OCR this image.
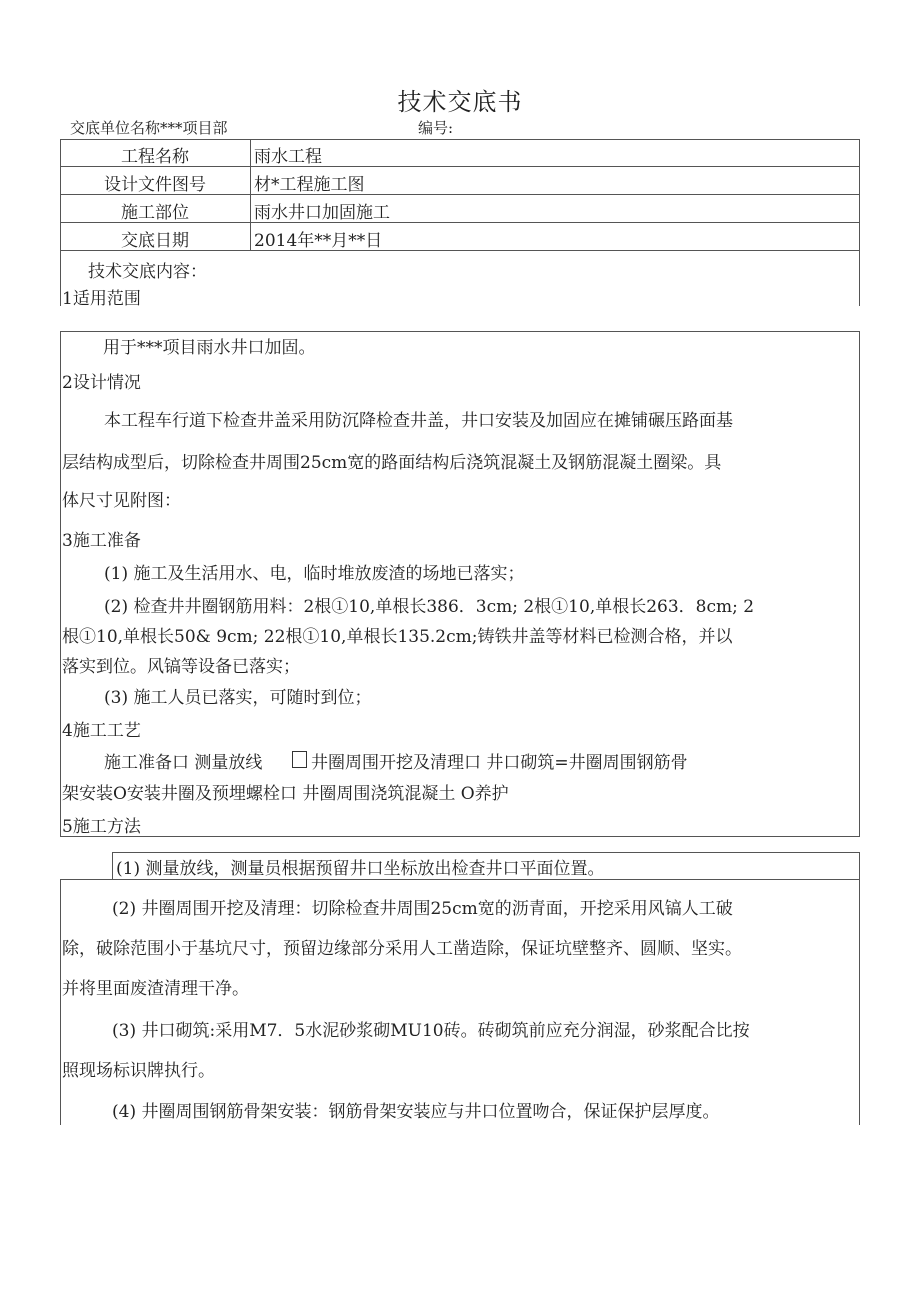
技术交底书
交底单位名称***项目部	编号:
工程名称	雨水工程
设计文件图号	材*工程施工图
施工部位	雨水井口加固施工
交底日期	2014年**月**日
技术交底内容：
1适用范围
用于***项目雨水井口加固。
2设计情况
本工程车行道下检查井盖采用防沉降检查井盖，井口安装及加固应在摊铺碾压路面基
层结构成型后，切除检查井周围25cm宽的路面结构后浇筑混凝土及钢筋混凝土圈梁。具
体尺寸见附图：
3施工准备
(1) 施工及生活用水、电，临时堆放废渣的场地已落实；
(2) 检查井井圈钢筋用料：2根①10,单根长386．3cm; 2根①10,单根长263．8cm; 2
根①10,单根长50& 9cm; 22根①10,单根长135.2cm;铸铁井盖等材料已检测合格，并以
落实到位。风镐等设备已落实；
(3) 施工人员已落实，可随时到位；
4施工工艺
施工准备口 测量放线	井圈周围开挖及清理口 井口砌筑=井圈周围钢筋骨
架安装O安装井圈及预埋螺栓口 井圈周围浇筑混凝土 O养护
5施工方法
(1) 测量放线，测量员根据预留井口坐标放出检查井口平面位置。
(2) 井圈周围开挖及清理：切除检查井周围25cm宽的沥青面，开挖采用风镐人工破
除，破除范围小于基坑尺寸，预留边缘部分采用人工凿造除，保证坑壁整齐、圆顺、坚实。
并将里面废渣清理干净。
(3) 井口砌筑:采用M7．5水泥砂浆砌MU10砖。砖砌筑前应充分润湿，砂浆配合比按
照现场标识牌执行。
(4) 井圈周围钢筋骨架安装：钢筋骨架安装应与井口位置吻合，保证保护层厚度。
